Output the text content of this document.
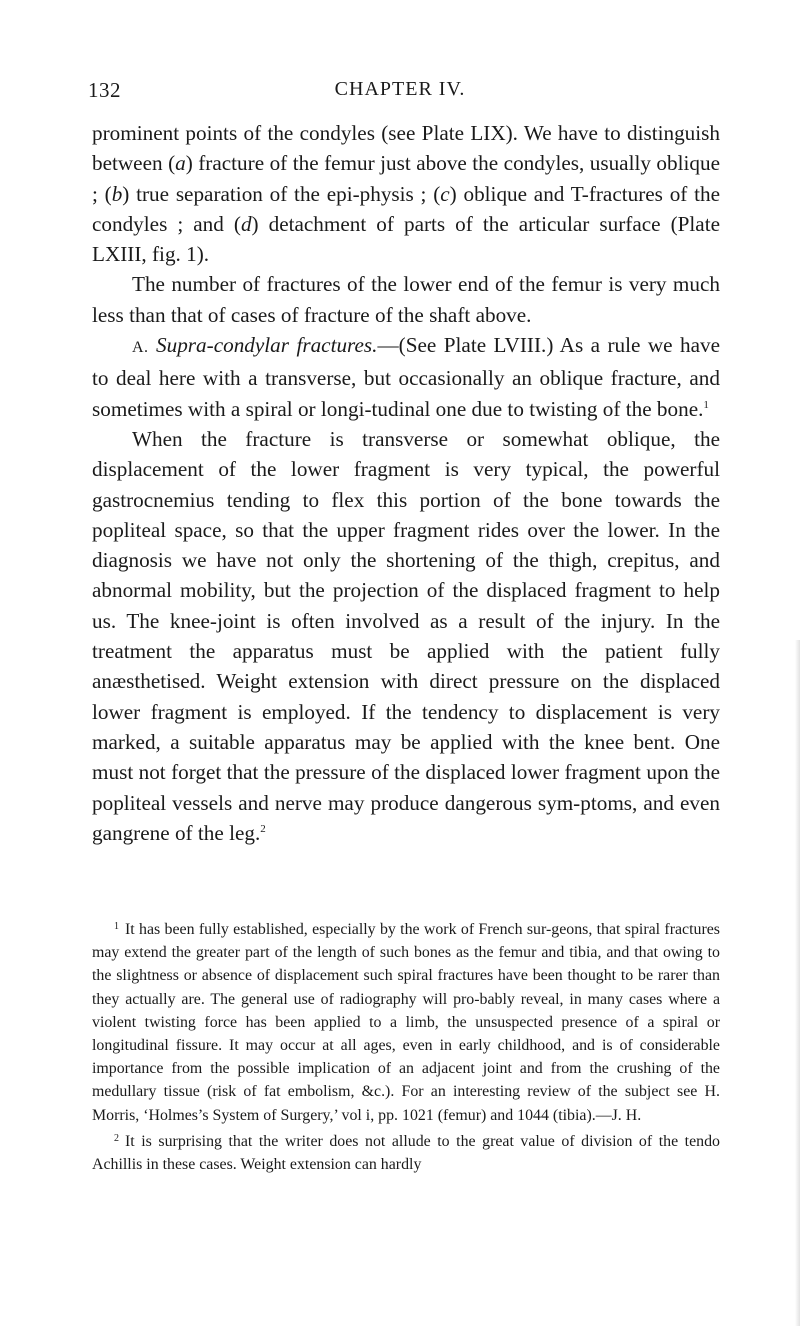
132	CHAPTER IV.

prominent points of the condyles (see Plate LIX). We have to distinguish between (a) fracture of the femur just above the condyles, usually oblique ; (b) true separation of the epi-physis ; (c) oblique and T-fractures of the condyles ; and (d) detachment of parts of the articular surface (Plate LXIII, fig. 1).

The number of fractures of the lower end of the femur is very much less than that of cases of fracture of the shaft above.

A. Supra-condylar fractures.—(See Plate LVIII.) As a rule we have to deal here with a transverse, but occasionally an oblique fracture, and sometimes with a spiral or longi-tudinal one due to twisting of the bone.$^1$

When the fracture is transverse or somewhat oblique, the displacement of the lower fragment is very typical, the powerful gastrocnemius tending to flex this portion of the bone towards the popliteal space, so that the upper fragment rides over the lower. In the diagnosis we have not only the shortening of the thigh, crepitus, and abnormal mobility, but the projection of the displaced fragment to help us. The knee-joint is often involved as a result of the injury. In the treatment the apparatus must be applied with the patient fully anæsthetised. Weight extension with direct pressure on the displaced lower fragment is employed. If the tendency to displacement is very marked, a suitable apparatus may be applied with the knee bent. One must not forget that the pressure of the displaced lower fragment upon the popliteal vessels and nerve may produce dangerous sym-ptoms, and even gangrene of the leg.$^2$

$^1$ It has been fully established, especially by the work of French sur-geons, that spiral fractures may extend the greater part of the length of such bones as the femur and tibia, and that owing to the slightness or absence of displacement such spiral fractures have been thought to be rarer than they actually are. The general use of radiography will pro-bably reveal, in many cases where a violent twisting force has been applied to a limb, the unsuspected presence of a spiral or longitudinal fissure. It may occur at all ages, even in early childhood, and is of considerable importance from the possible implication of an adjacent joint and from the crushing of the medullary tissue (risk of fat embolism, &c.). For an interesting review of the subject see H. Morris, ‘Holmes’s System of Surgery,’ vol i, pp. 1021 (femur) and 1044 (tibia).—J. H.

$^2$ It is surprising that the writer does not allude to the great value of division of the tendo Achillis in these cases. Weight extension can hardly
